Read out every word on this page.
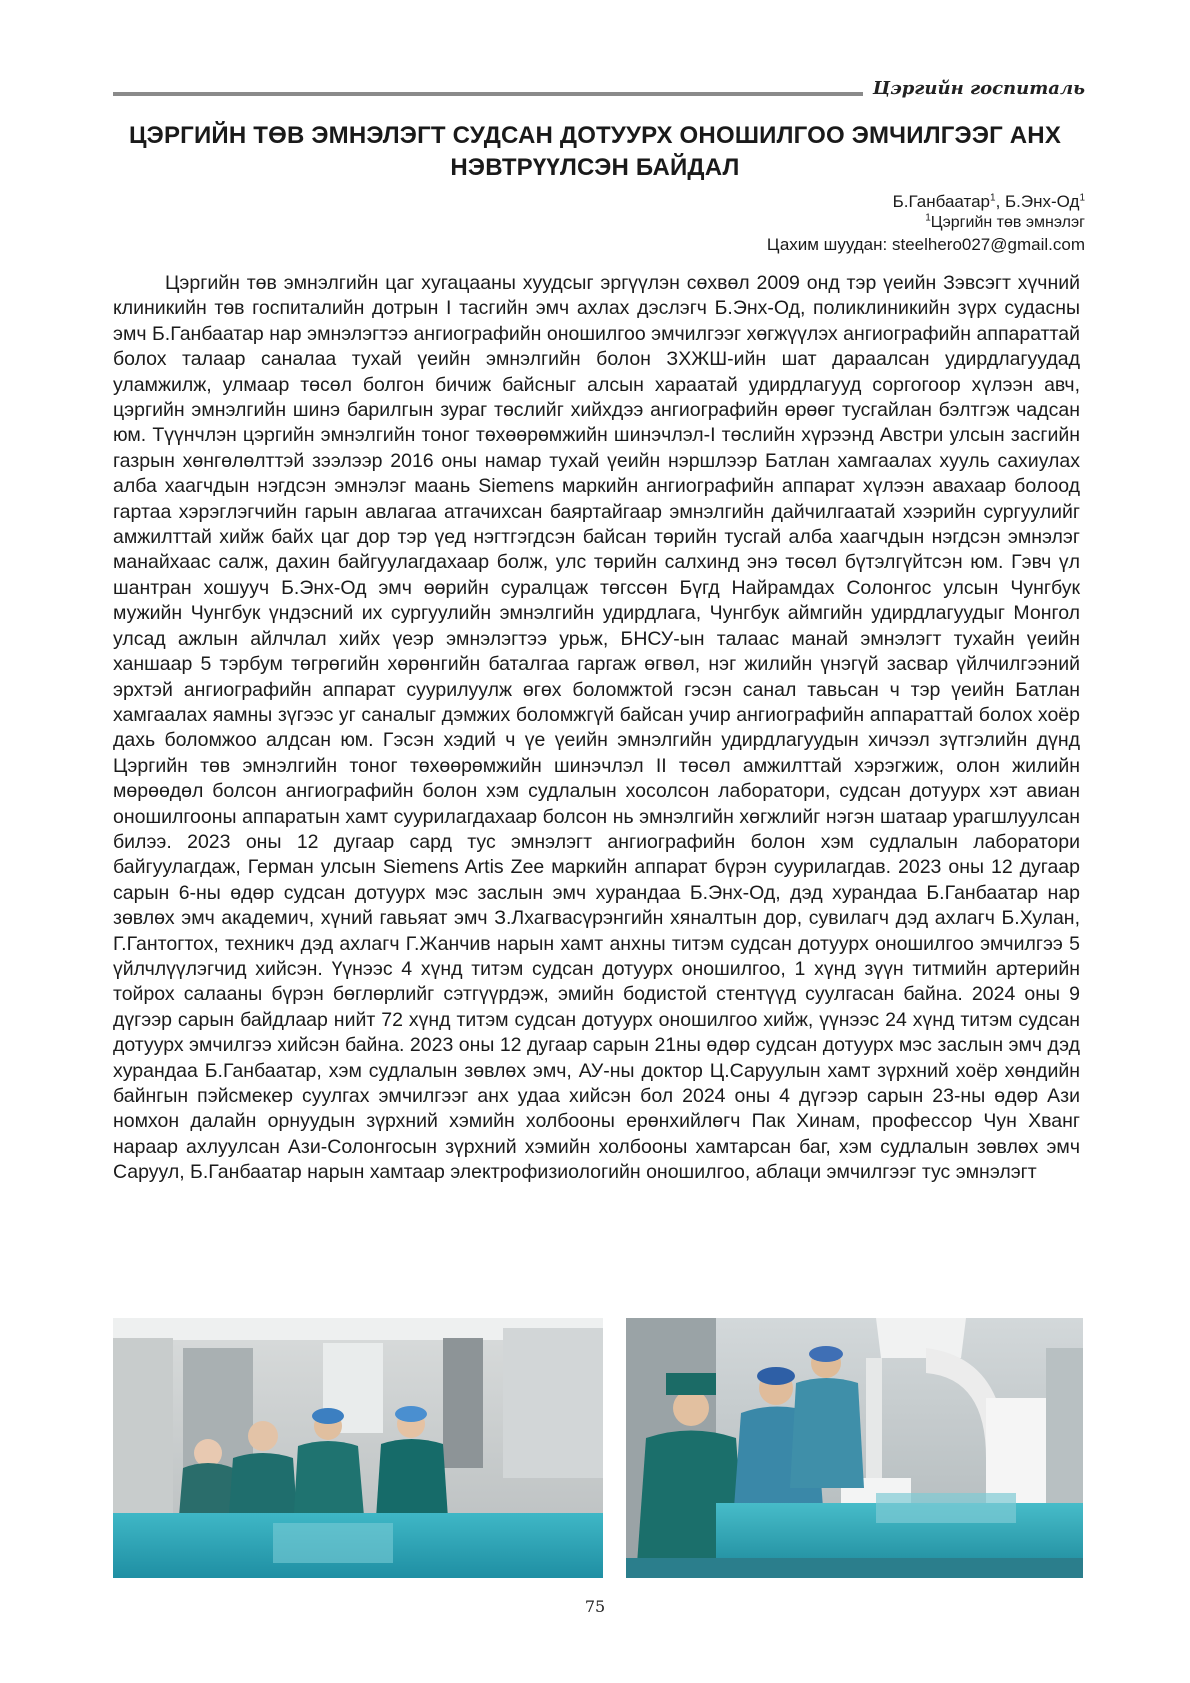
Цэргийн госпиталь
ЦЭРГИЙН ТӨВ ЭМНЭЛЭГТ СУДСАН ДОТУУРХ ОНОШИЛГОО ЭМЧИЛГЭЭГ АНХ НЭВТРҮҮЛСЭН БАЙДАЛ
Б.Ганбаатар$^1$, $Б.Энх-Од^1$
$^1$Цэргийн төв эмнэлэг
Цахим шуудан: steelhero027@gmail.com

Цэргийн төв эмнэлгийн цаг хугацааны хуудсыг эргүүлэн сөхвөл 2009 онд тэр үеийн Зэвсэгт хүчний клиникийн төв госпиталийн дотрын I тасгийн эмч ахлах дэслэгч Б.Энх-Од, поликлиникийн зүрх судасны эмч Б.Ганбаатар нар эмнэлэгтээ ангиографийн оношилгоо эмчилгээг хөгжүүлэх ангиографийн аппараттай болох талаар саналаа тухай үеийн эмнэлгийн болон ЗХЖШ-ийн шат дараалсан удирдлагуудад уламжилж, улмаар төсөл болгон бичиж байсныг алсын хараатай удирдлагууд соргогоор хүлээн авч, цэргийн эмнэлгийн шинэ барилгын зураг төслийг хийхдээ ангиографийн өрөөг тусгайлан бэлтгэж чадсан юм. Түүнчлэн цэргийн эмнэлгийн тоног төхөөрөмжийн шинэчлэл-I төслийн хүрээнд Австри улсын засгийн газрын хөнгөлөлттэй зээлээр 2016 оны намар тухай үеийн нэршлээр Батлан хамгаалах хууль сахиулах алба хаагчдын нэгдсэн эмнэлэг маань Siemens маркийн ангиографийн аппарат хүлээн авахаар болоод гартаа хэрэглэгчийн гарын авлагаа атгачихсан баяртайгаар эмнэлгийн дайчилгаатай хээрийн сургуулийг амжилттай хийж байх цаг дор тэр үед нэгтгэгдсэн байсан төрийн тусгай алба хаагчдын нэгдсэн эмнэлэг манайхаас салж, дахин байгуулагдахаар болж, улс төрийн салхинд энэ төсөл бүтэлгүйтсэн юм. Гэвч үл шантран хошууч Б.Энх-Од эмч өөрийн суралцаж төгссөн Бүгд Найрамдах Солонгос улсын Чунгбук мужийн Чунгбук үндэсний их сургуулийн эмнэлгийн удирдлага, Чунгбук аймгийн удирдлагуудыг Монгол улсад ажлын айлчлал хийх үеэр эмнэлэгтээ урьж, БНСУ-ын талаас манай эмнэлэгт тухайн үеийн ханшаар 5 тэрбум төгрөгийн хөрөнгийн баталгаа гаргаж өгвөл, нэг жилийн үнэгүй засвар үйлчилгээний эрхтэй ангиографийн аппарат суурилуулж өгөх боломжтой гэсэн санал тавьсан ч тэр үеийн Батлан хамгаалах яамны зүгээс уг саналыг дэмжих боломжгүй байсан учир ангиографийн аппараттай болох хоёр дахь боломжоо алдсан юм. Гэсэн хэдий ч үе үеийн эмнэлгийн удирдлагуудын хичээл зүтгэлийн дүнд Цэргийн төв эмнэлгийн тоног төхөөрөмжийн шинэчлэл II төсөл амжилттай хэрэгжиж, олон жилийн мөрөөдөл болсон ангиографийн болон хэм судлалын хосолсон лаборатори, судсан дотуурх хэт авиан оношилгооны аппаратын хамт суурилагдахаар болсон нь эмнэлгийн хөгжлийг нэгэн шатаар урагшлуулсан билээ. 2023 оны 12 дугаар сард тус эмнэлэгт ангиографийн болон хэм судлалын лаборатори байгуулагдаж, Герман улсын Siemens Artis Zee маркийн аппарат бүрэн суурилагдав. 2023 оны 12 дугаар сарын 6-ны өдөр судсан дотуурх мэс заслын эмч хурандаа Б.Энх-Од, дэд хурандаа Б.Ганбаатар нар зөвлөх эмч академич, хүний гавьяат эмч З.Лхагвасүрэнгийн хяналтын дор, сувилагч дэд ахлагч Б.Хулан, Г.Гантогтох, техникч дэд ахлагч Г.Жанчив нарын хамт анхны титэм судсан дотуурх оношилгоо эмчилгээ 5 үйлчлүүлэгчид хийсэн. Үүнээс 4 хүнд титэм судсан дотуурх оношилгоо, 1 хүнд зүүн титмийн артерийн тойрох салааны бүрэн бөглөрлийг сэтгүүрдэж, эмийн бодистой стентүүд суулгасан байна. 2024 оны 9 дүгээр сарын байдлаар нийт 72 хүнд титэм судсан дотуурх оношилгоо хийж, үүнээс 24 хүнд титэм судсан дотуурх эмчилгээ хийсэн байна. 2023 оны 12 дугаар сарын 21ны өдөр судсан дотуурх мэс заслын эмч дэд хурандаа Б.Ганбаатар, хэм судлалын зөвлөх эмч, АУ-ны доктор Ц.Саруулын хамт зүрхний хоёр хөндийн байнгын пэйсмекер суулгах эмчилгээг анх удаа хийсэн бол 2024 оны 4 дүгээр сарын 23-ны өдөр Ази номхон далайн орнуудын зүрхний хэмийн холбооны ерөнхийлөгч Пак Хинам, профессор Чун Хванг нараар ахлуулсан Ази-Солонгосын зүрхний хэмийн холбооны хамтарсан баг, хэм судлалын зөвлөх эмч Саруул, Б.Ганбаатар нарын хамтаар электрофизиологийн оношилгоо, аблаци эмчилгээг тус эмнэлэгт

75
